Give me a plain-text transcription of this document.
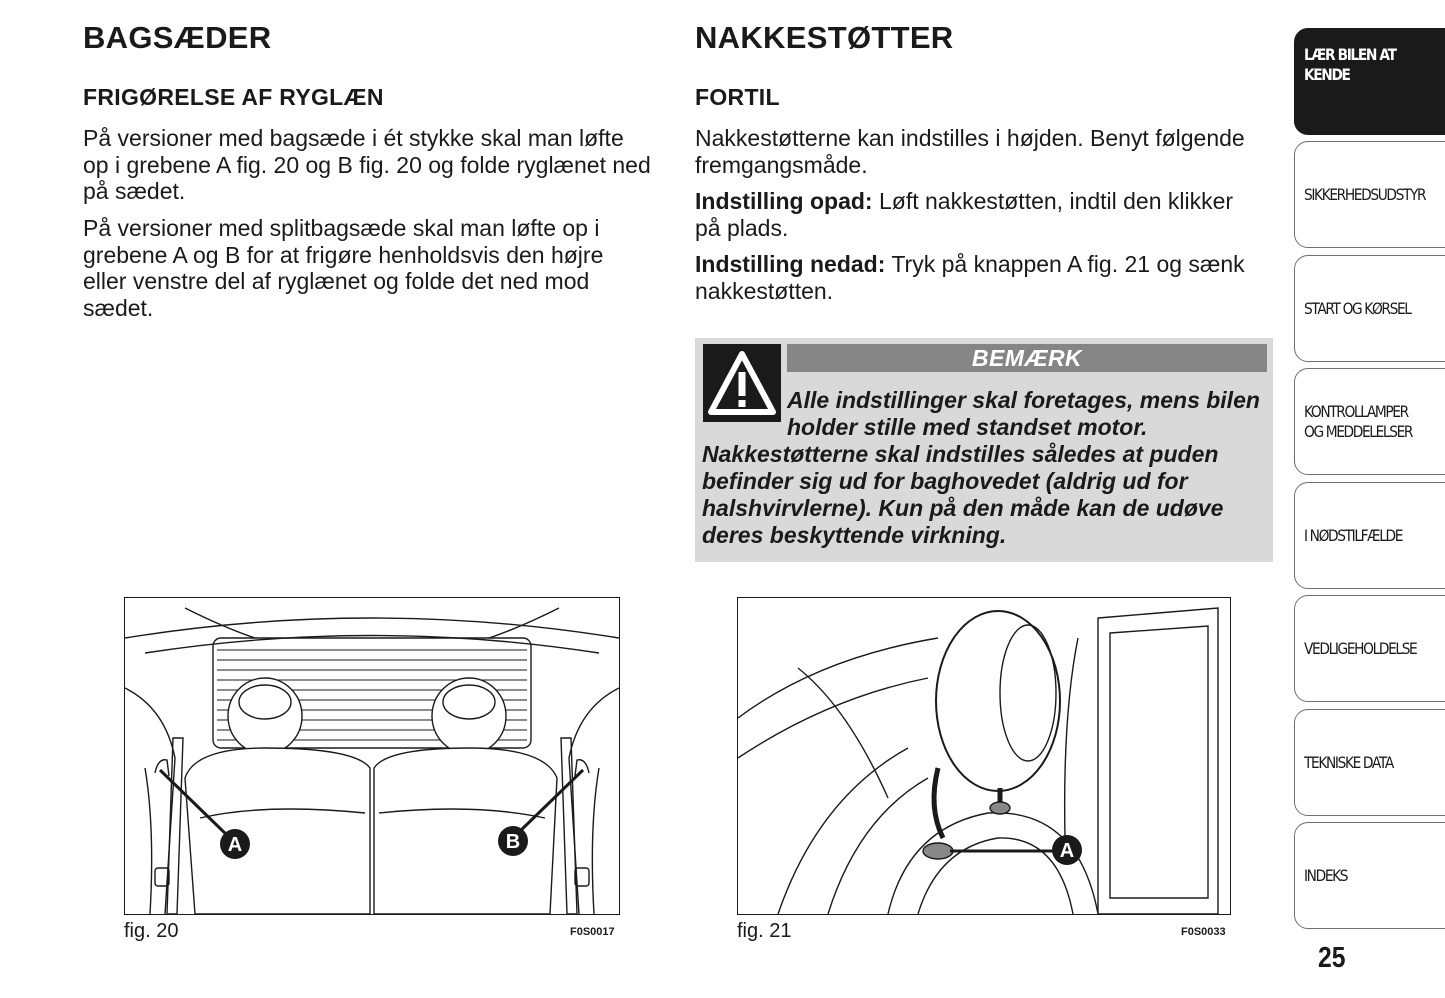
BAGSÆDER
FRIGØRELSE AF RYGLÆN

På versioner med bagsæde i ét stykke skal man løfte op i grebene A fig. 20 og B fig. 20 og folde ryglænet ned på sædet.

På versioner med splitbagsæde skal man løfte op i grebene A og B for at frigøre henholdsvis den højre eller venstre del af ryglænet og folde det ned mod sædet.

NAKKESTØTTER
FORTIL

Nakkestøtterne kan indstilles i højden. Benyt følgende fremgangsmåde.

Indstilling opad: Løft nakkestøtten, indtil den klikker på plads.

Indstilling nedad: Tryk på knappen A fig. 21 og sænk nakkestøtten.

BEMÆRK

Alle indstillinger skal foretages, mens bilen holder stille med standset motor.

Nakkestøtterne skal indstilles således at puden befinder sig ud for baghovedet (aldrig ud for halshvirvlerne). Kun på den måde kan de udøve deres beskyttende virkning.

A	B

fig. 20	F0S0017

A

fig. 21	F0S0033

LÆR BILEN AT
KENDE

SIKKERHEDSUDSTYR

START OG KØRSEL

KONTROLLAMPER
OG MEDDELELSER

I NØDSTILFÆLDE

VEDLIGEHOLDELSE

TEKNISKE DATA

INDEKS

25
